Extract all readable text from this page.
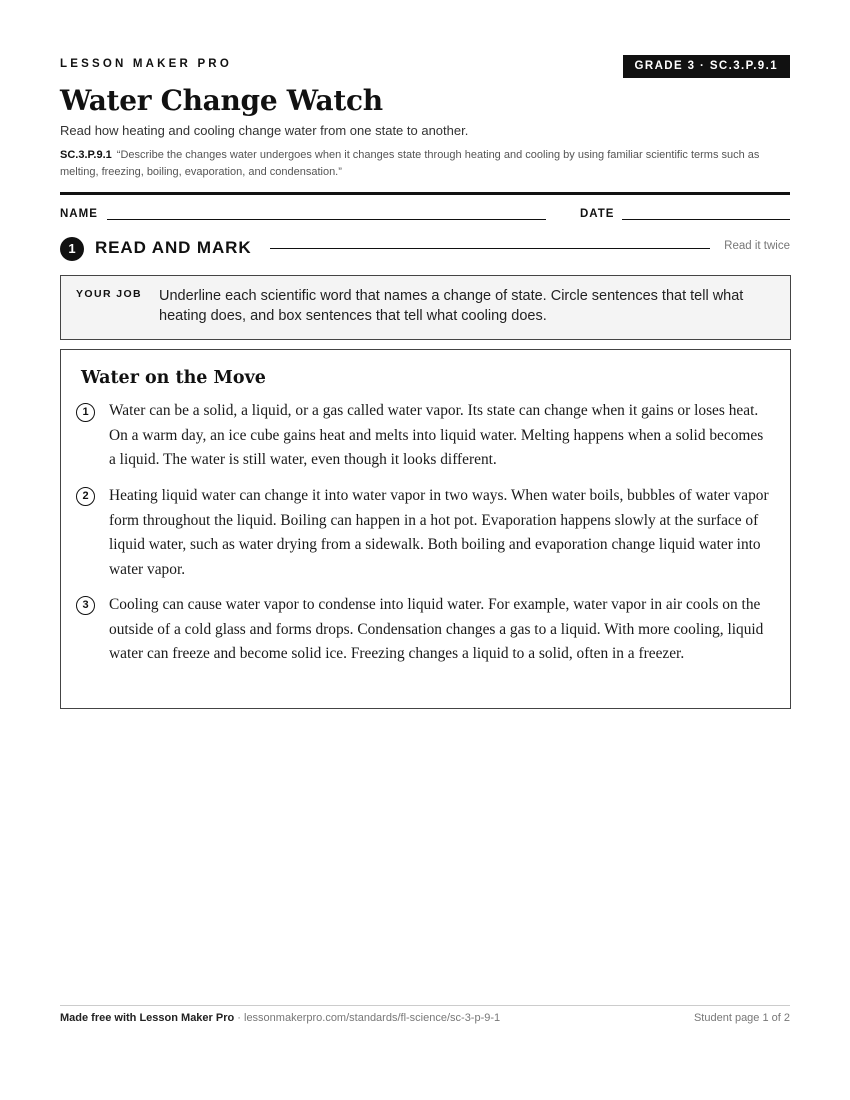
LESSON MAKER PRO	GRADE 3 · SC.3.P.9.1
Water Change Watch
Read how heating and cooling change water from one state to another.
SC.3.P.9.1 “Describe the changes water undergoes when it changes state through heating and cooling by using familiar scientific terms such as melting, freezing, boiling, evaporation, and condensation.”
NAME	DATE
1	READ AND MARK	Read it twice
YOUR JOB Underline each scientific word that names a change of state. Circle sentences that tell what heating does, and box sentences that tell what cooling does.
Water on the Move
1	Water can be a solid, a liquid, or a gas called water vapor. Its state can change when it gains or loses heat. On a warm day, an ice cube gains heat and melts into liquid water. Melting happens when a solid becomes a liquid. The water is still water, even though it looks different.
2	Heating liquid water can change it into water vapor in two ways. When water boils, bubbles of water vapor form throughout the liquid. Boiling can happen in a hot pot. Evaporation happens slowly at the surface of liquid water, such as water drying from a sidewalk. Both boiling and evaporation change liquid water into water vapor.
3	Cooling can cause water vapor to condense into liquid water. For example, water vapor in air cools on the outside of a cold glass and forms drops. Condensation changes a gas to a liquid. With more cooling, liquid water can freeze and become solid ice. Freezing changes a liquid to a solid, often in a freezer.
Made free with Lesson Maker Pro · lessonmakerpro.com/standards/fl-science/sc-3-p-9-1	Student page 1 of 2
